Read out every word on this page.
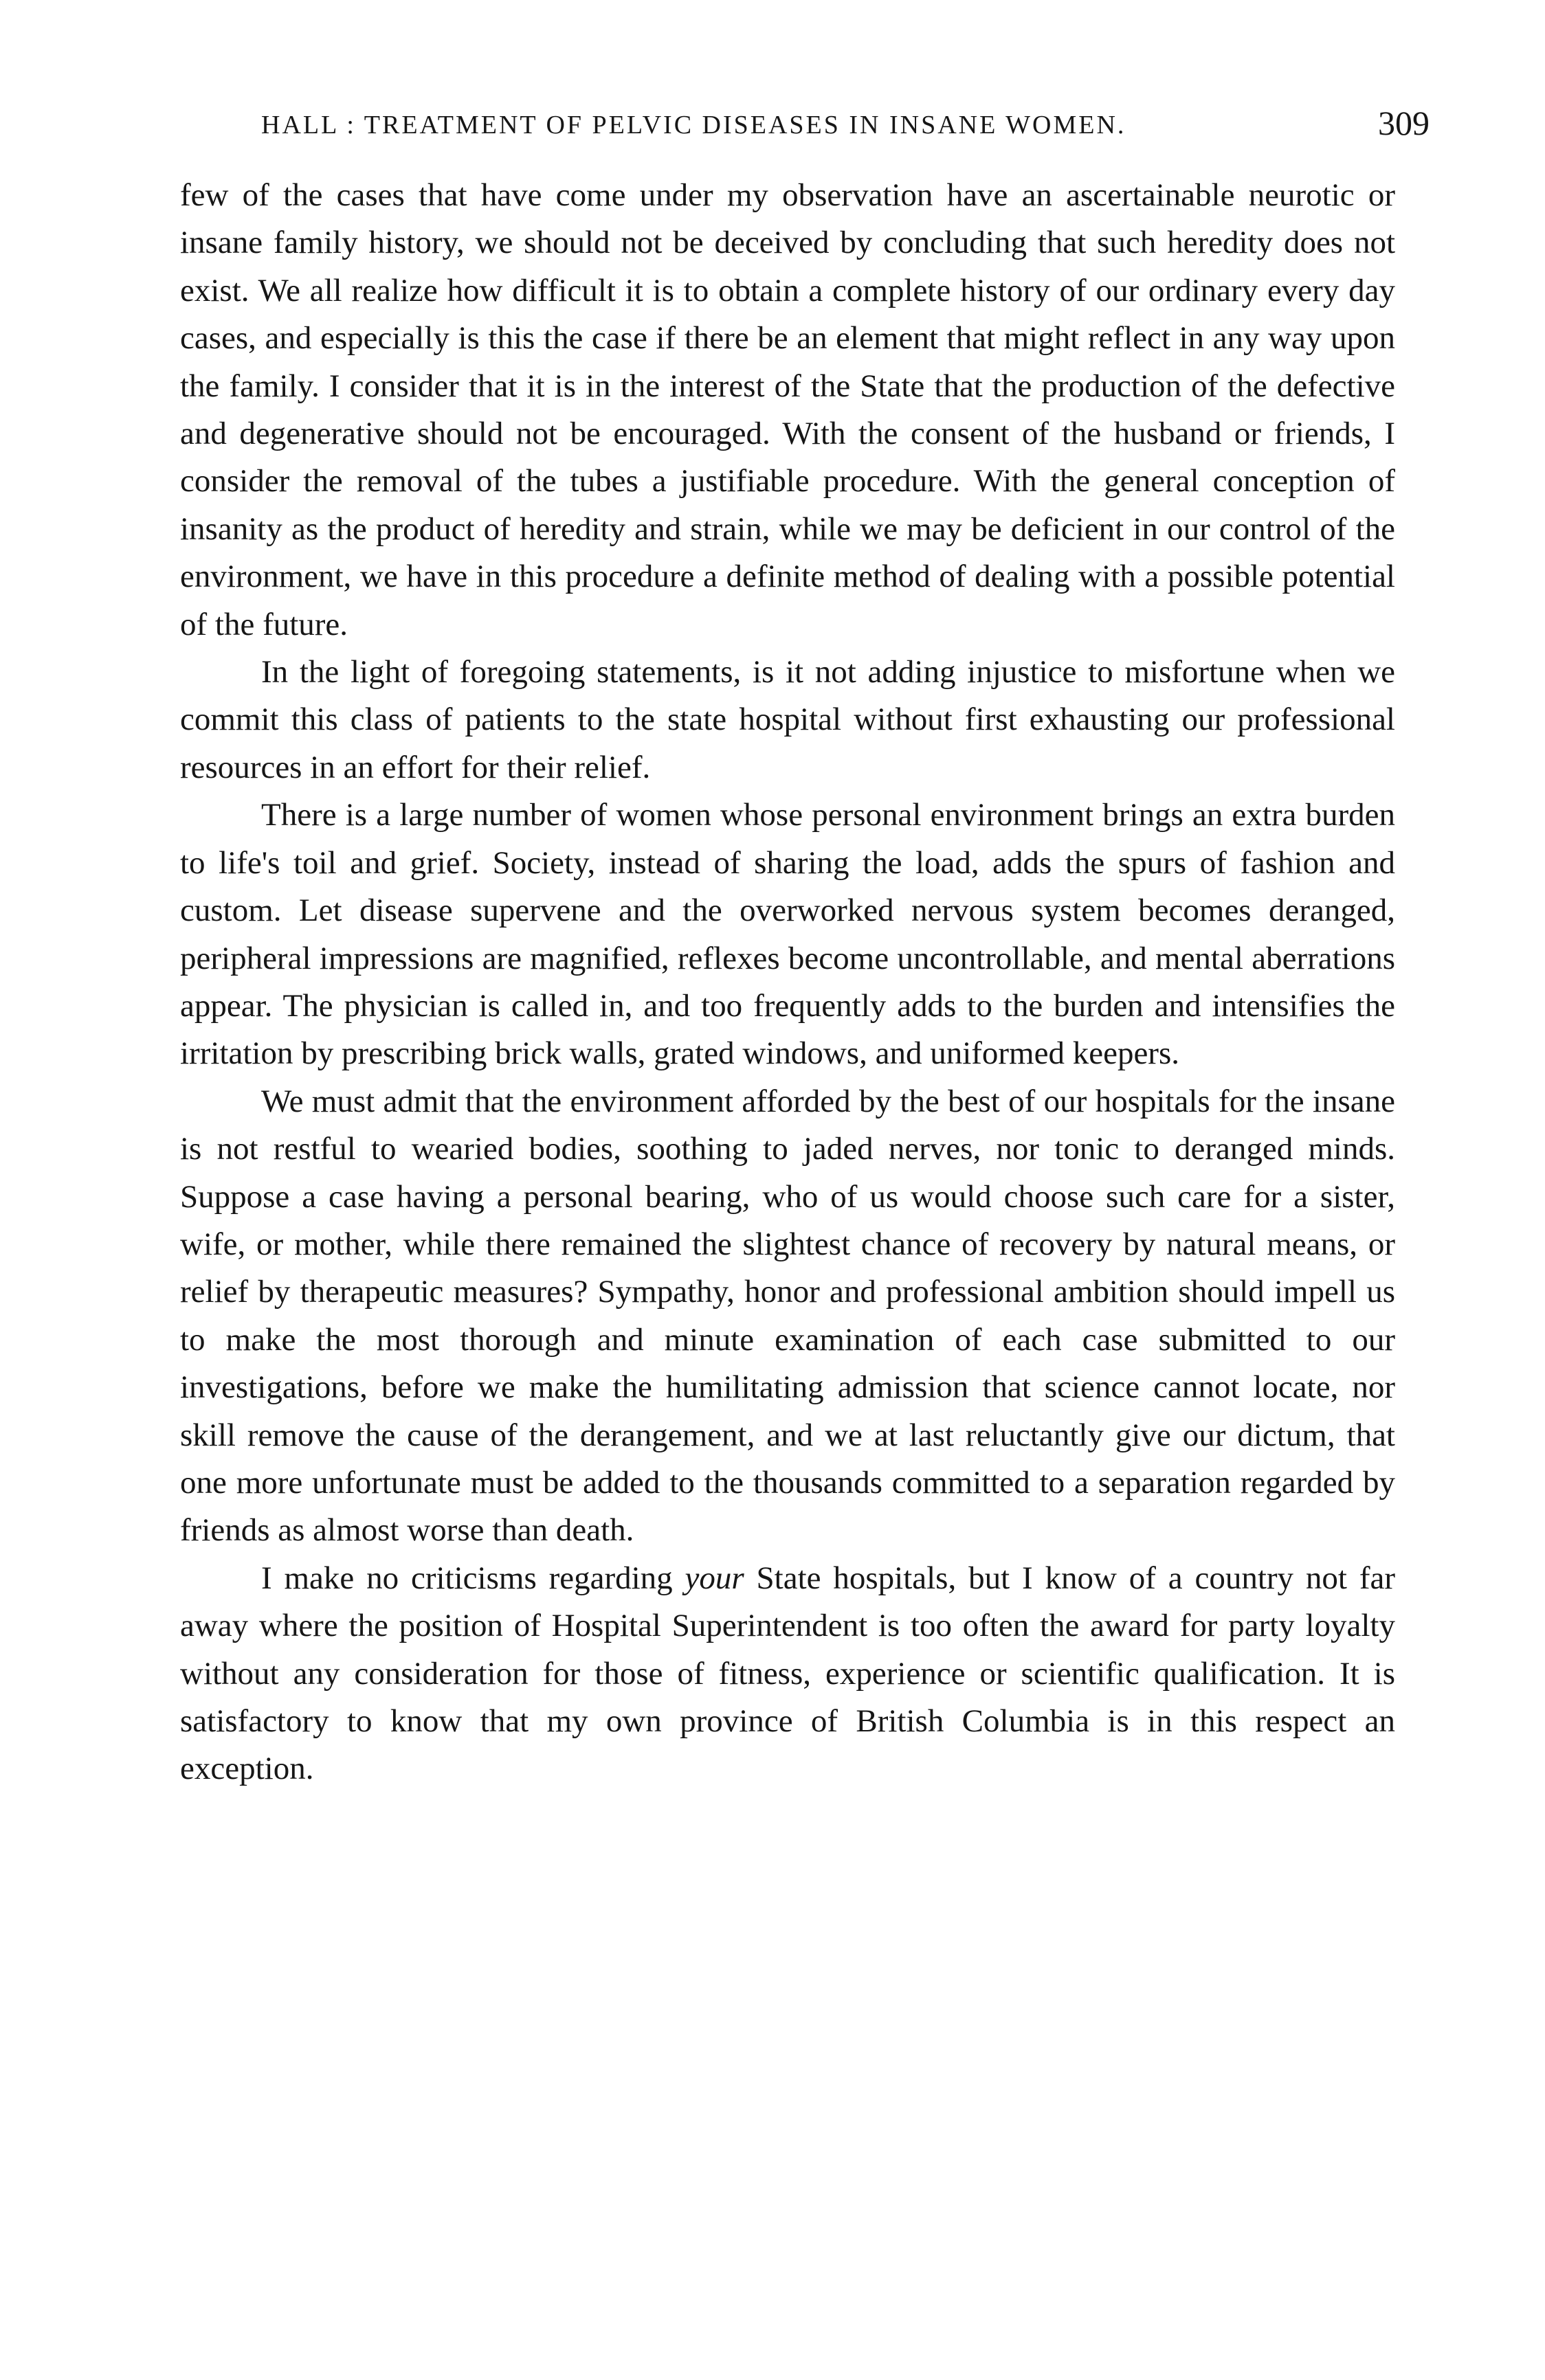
HALL : TREATMENT OF PELVIC DISEASES IN INSANE WOMEN.	309

few of the cases that have come under my observation have an ascertainable neurotic or insane family history, we should not be deceived by concluding that such heredity does not exist. We all realize how difficult it is to obtain a complete history of our ordinary every day cases, and especially is this the case if there be an element that might reflect in any way upon the family. I consider that it is in the interest of the State that the production of the defective and degenerative should not be encouraged. With the consent of the husband or friends, I consider the removal of the tubes a justifiable procedure. With the general conception of insanity as the product of heredity and strain, while we may be deficient in our control of the environment, we have in this procedure a definite method of dealing with a possible potential of the future.

In the light of foregoing statements, is it not adding injustice to misfortune when we commit this class of patients to the state hospital without first exhausting our professional resources in an effort for their relief.

There is a large number of women whose personal environment brings an extra burden to life's toil and grief. Society, instead of sharing the load, adds the spurs of fashion and custom. Let disease supervene and the overworked nervous system becomes deranged, peripheral impressions are magnified, reflexes become uncontrollable, and mental aberrations appear. The physician is called in, and too frequently adds to the burden and intensifies the irritation by prescribing brick walls, grated windows, and uniformed keepers.

We must admit that the environment afforded by the best of our hospitals for the insane is not restful to wearied bodies, soothing to jaded nerves, nor tonic to deranged minds. Suppose a case having a personal bearing, who of us would choose such care for a sister, wife, or mother, while there remained the slightest chance of recovery by natural means, or relief by therapeutic measures? Sympathy, honor and professional ambition should impell us to make the most thorough and minute examination of each case submitted to our investigations, before we make the humilitating admission that science cannot locate, nor skill remove the cause of the derangement, and we at last reluctantly give our dictum, that one more unfortunate must be added to the thousands committed to a separation regarded by friends as almost worse than death.

I make no criticisms regarding your State hospitals, but I know of a country not far away where the position of Hospital Superintendent is too often the award for party loyalty without any consideration for those of fitness, experience or scientific qualification. It is satisfactory to know that my own province of British Columbia is in this respect an exception.
